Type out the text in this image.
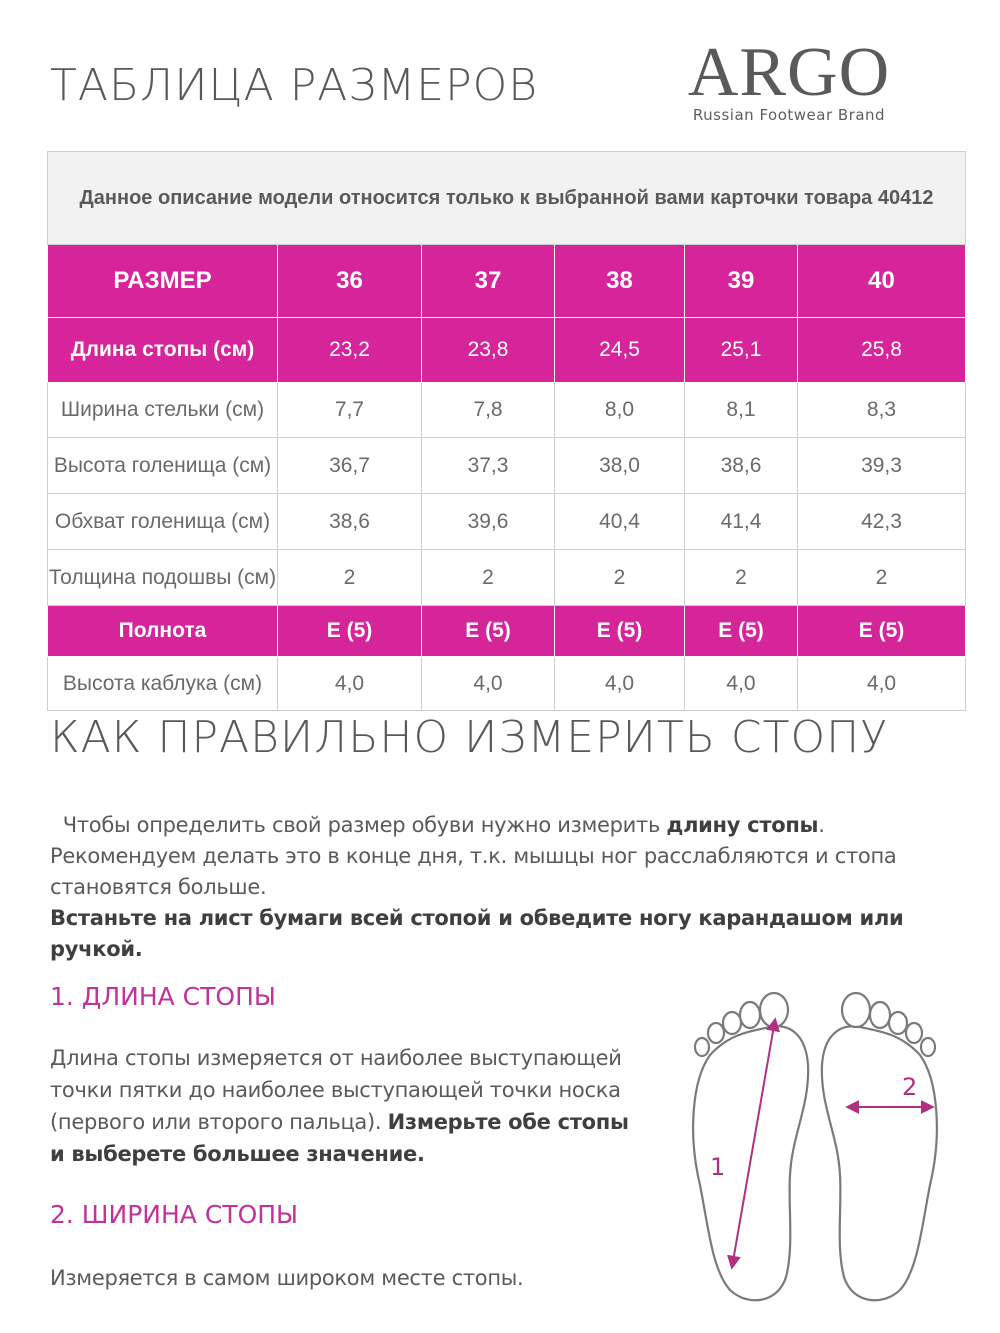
ТАБЛИЦА РАЗМЕРОВ ARGO
Russian Footwear Brand
Данное описание модели относится только к выбранной вами карточки товара 40412					
РАЗМЕР	36	37	38	39	40
Длина стопы (см)	23,2	23,8	24,5	25,1	25,8
Ширина стельки (см)	7,7	7,8	8,0	8,1	8,3
Высота голенища (см)	36,7	37,3	38,0	38,6	39,3
Обхват голенища (см)	38,6	39,6	40,4	41,4	42,3
Толщина подошвы (см)	2	2	2	2	2
Полнота	E (5)	E (5)	E (5)	E (5)	E (5)
Высота каблука (см)	4,0	4,0	4,0	4,0	4,0
КАК ПРАВИЛЬНО ИЗМЕРИТЬ СТОПУ
Чтобы определить свой размер обуви нужно измерить длину стопы. Рекомендуем делать это в конце дня, т.к. мышцы ног расслабляются и стопа становятся больше.
Встаньте на лист бумаги всей стопой и обведите ногу карандашом или ручкой.
1. ДЛИНА СТОПЫ
Длина стопы измеряется от наиболее выступающей точки пятки до наиболее выступающей точки носка (первого или второго пальца). Измерьте обе стопы и выберете большее значение.
2. ШИРИНА СТОПЫ
Измеряется в самом широком месте стопы.
1
2
